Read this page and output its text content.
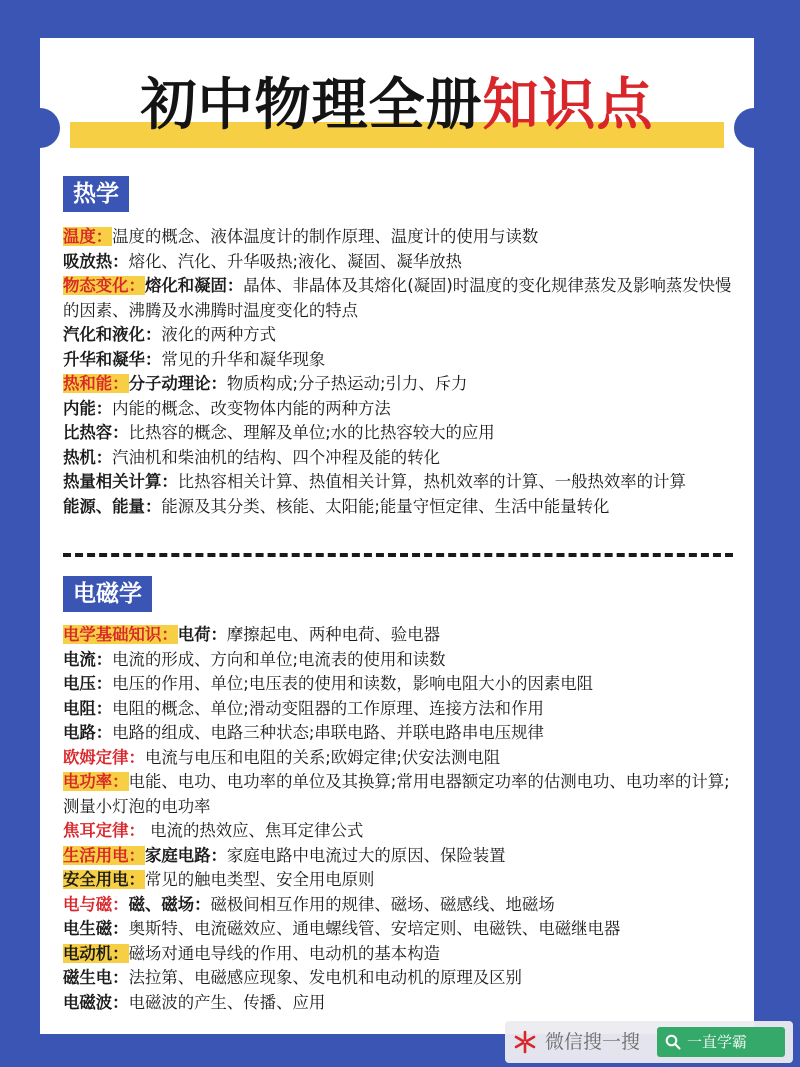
初中物理全册知识点
热学
温度：温度的概念、液体温度计的制作原理、温度计的使用与读数
吸放热：熔化、汽化、升华吸热;液化、凝固、凝华放热
物态变化：熔化和凝固：晶体、非晶体及其熔化(凝固)时温度的变化规律蒸发及影响蒸发快慢的因素、沸腾及水沸腾时温度变化的特点
汽化和液化：液化的两种方式
升华和凝华：常见的升华和凝华现象
热和能：分子动理论：物质构成;分子热运动;引力、斥力
内能：内能的概念、改变物体内能的两种方法
比热容：比热容的概念、理解及单位;水的比热容较大的应用
热机：汽油机和柴油机的结构、四个冲程及能的转化
热量相关计算：比热容相关计算、热值相关计算，热机效率的计算、一般热效率的计算
能源、能量：能源及其分类、核能、太阳能;能量守恒定律、生活中能量转化
电磁学
电学基础知识：电荷：摩擦起电、两种电荷、验电器
电流：电流的形成、方向和单位;电流表的使用和读数
电压：电压的作用、单位;电压表的使用和读数，影响电阻大小的因素电阻
电阻：电阻的概念、单位;滑动变阻器的工作原理、连接方法和作用
电路：电路的组成、电路三种状态;串联电路、并联电路串电压规律
欧姆定律：电流与电压和电阻的关系;欧姆定律;伏安法测电阻
电功率：电能、电功、电功率的单位及其换算;常用电器额定功率的估测电功、电功率的计算;测量小灯泡的电功率
焦耳定律： 电流的热效应、焦耳定律公式
生活用电：家庭电路：家庭电路中电流过大的原因、保险装置
安全用电：常见的触电类型、安全用电原则
电与磁：磁、磁场：磁极间相互作用的规律、磁场、磁感线、地磁场
电生磁：奥斯特、电流磁效应、通电螺线管、安培定则、电磁铁、电磁继电器
电动机：磁场对通电导线的作用、电动机的基本构造
磁生电：法拉第、电磁感应现象、发电机和电动机的原理及区别
电磁波：电磁波的产生、传播、应用
微信搜一搜	一直学霸
